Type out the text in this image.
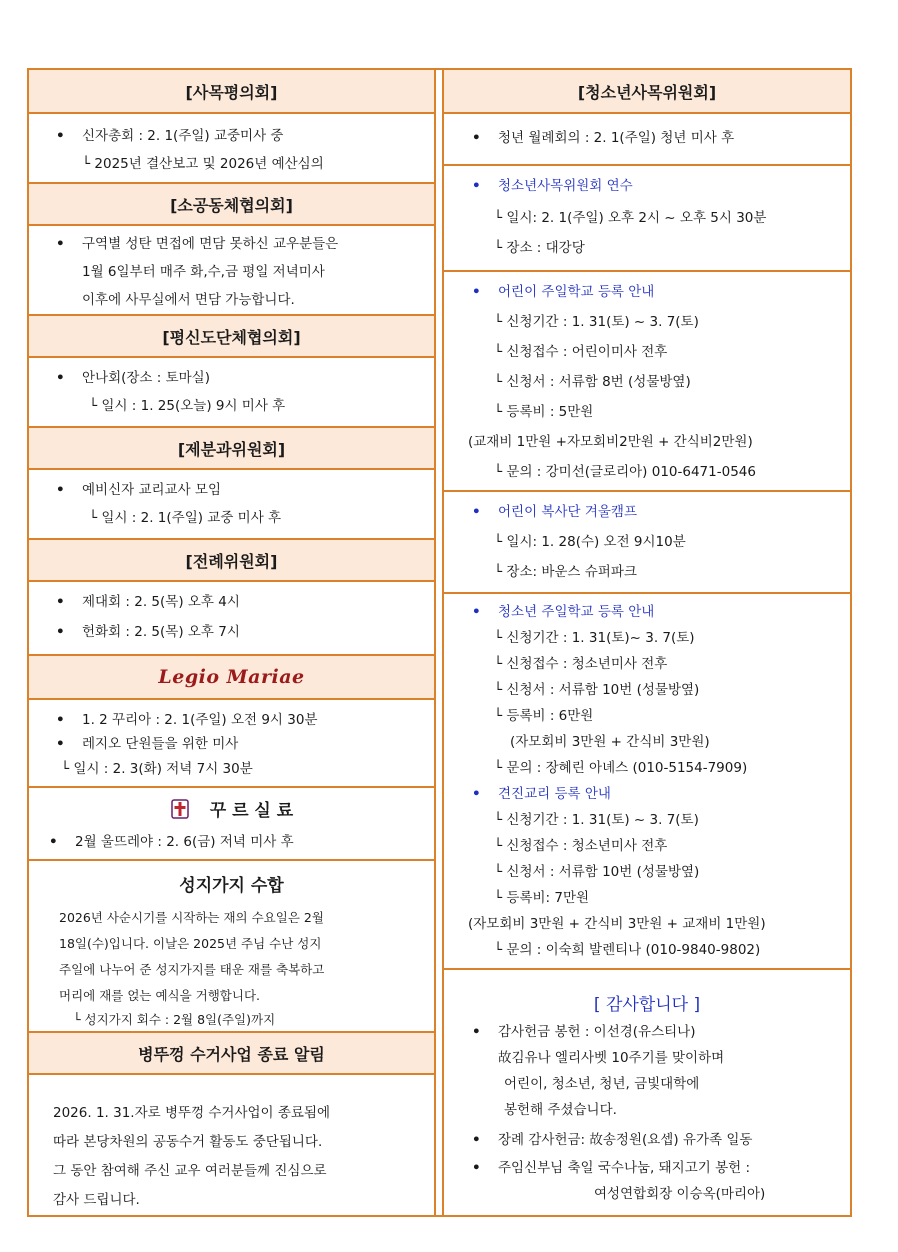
[사목평의회]
• 신자총회 : 2. 1(주일) 교중미사 중
└ 2025년 결산보고 및 2026년 예산심의
[소공동체협의회]
• 구역별 성탄 면접에 면담 못하신 교우분들은
1월 6일부터 매주 화,수,금 평일 저녁미사
이후에 사무실에서 면담 가능합니다.
[평신도단체협의회]
• 안나회(장소 : 토마실)
└ 일시 : 1. 25(오늘) 9시 미사 후
[제분과위원회]
• 예비신자 교리교사 모임
└ 일시 : 2. 1(주일) 교중 미사 후
[전례위원회]
• 제대회 : 2. 5(목) 오후 4시
• 헌화회 : 2. 5(목) 오후 7시
Legio Mariae
• 1. 2 꾸리아 : 2. 1(주일) 오전 9시 30분
• 레지오 단원들을 위한 미사
└ 일시 : 2. 3(화) 저녁 7시 30분
꾸 르 실 료
• 2월 울뜨레야 : 2. 6(금) 저녁 미사 후
성지가지 수합
2026년 사순시기를 시작하는 재의 수요일은 2월
18일(수)입니다. 이날은 2025년 주님 수난 성지
주일에 나누어 준 성지가지를 태운 재를 축복하고
머리에 재를 얹는 예식을 거행합니다.
└ 성지가지 회수 : 2월 8일(주일)까지
병뚜껑 수거사업 종료 알림
2026. 1. 31.자로 병뚜껑 수거사업이 종료됨에
따라 본당차원의 공동수거 활동도 중단됩니다.
그 동안 참여해 주신 교우 여러분들께 진심으로
감사 드립니다.
[청소년사목위원회]
• 청년 월례회의 : 2. 1(주일) 청년 미사 후
• 청소년사목위원회 연수
└ 일시: 2. 1(주일) 오후 2시 ~ 오후 5시 30분
└ 장소 : 대강당
• 어린이 주일학교 등록 안내
└ 신청기간 : 1. 31(토) ~ 3. 7(토)
└ 신청접수 : 어린이미사 전후
└ 신청서 : 서류함 8번 (성물방옆)
└ 등록비 : 5만원
(교재비 1만원 +자모회비2만원 + 간식비2만원)
└ 문의 : 강미선(글로리아) 010-6471-0546
• 어린이 복사단 겨울캠프
└ 일시: 1. 28(수) 오전 9시10분
└ 장소: 바운스 슈퍼파크
• 청소년 주일학교 등록 안내
└ 신청기간 : 1. 31(토)~ 3. 7(토)
└ 신청접수 : 청소년미사 전후
└ 신청서 : 서류함 10번 (성물방옆)
└ 등록비 : 6만원
(자모회비 3만원 + 간식비 3만원)
└ 문의 : 장혜린 아녜스 (010-5154-7909)
• 견진교리 등록 안내
└ 신청기간 : 1. 31(토) ~ 3. 7(토)
└ 신청접수 : 청소년미사 전후
└ 신청서 : 서류함 10번 (성물방옆)
└ 등록비: 7만원
(자모회비 3만원 + 간식비 3만원 + 교재비 1만원)
└ 문의 : 이숙희 발렌티나 (010-9840-9802)
[ 감사합니다 ]
• 감사헌금 봉헌 : 이선경(유스티나)
故김유나 엘리사벳 10주기를 맞이하며
어린이, 청소년, 청년, 금빛대학에
봉헌해 주셨습니다.
• 장례 감사헌금: 故송정원(요셉) 유가족 일동
• 주임신부님 축일 국수나눔, 돼지고기 봉헌 :
여성연합회장 이승옥(마리아)
